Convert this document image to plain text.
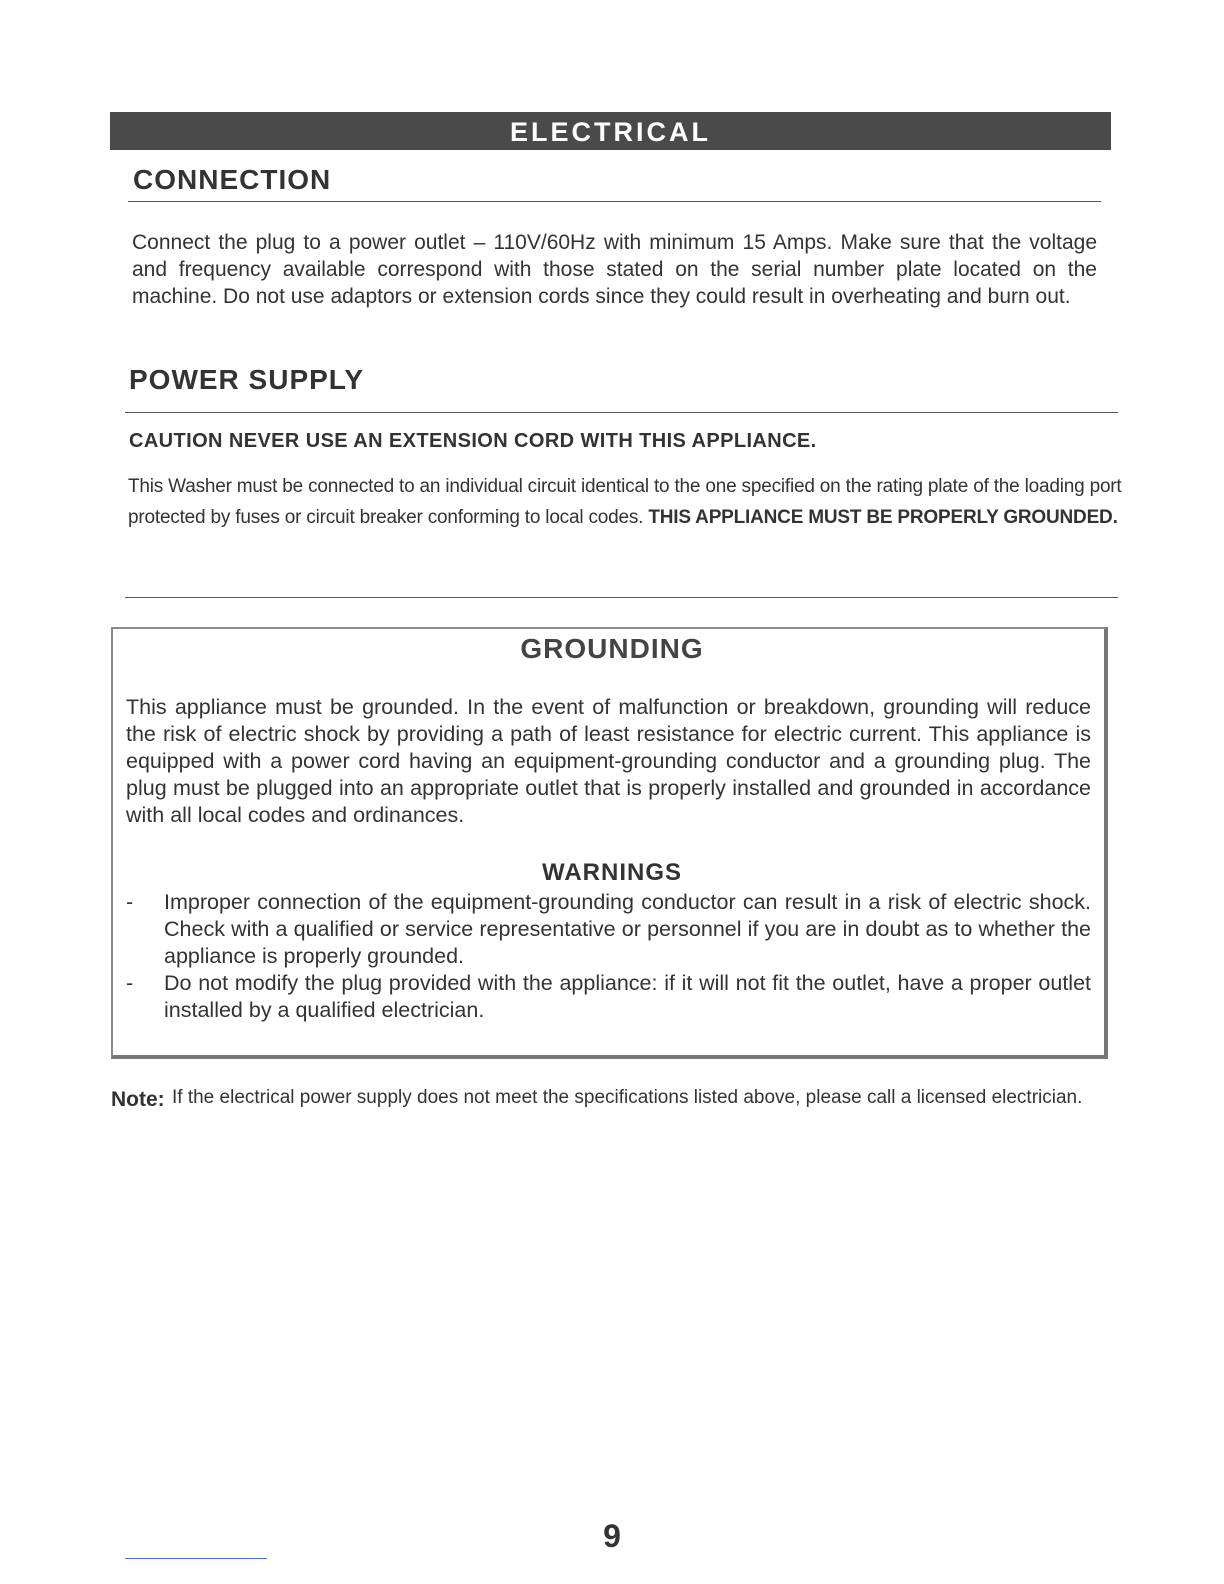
ELECTRICAL
CONNECTION
Connect the plug to a power outlet – 110V/60Hz with minimum 15 Amps. Make sure that the voltage and frequency available correspond with those stated on the serial number plate located on the machine. Do not use adaptors or extension cords since they could result in overheating and burn out.
POWER SUPPLY
CAUTION NEVER USE AN EXTENSION CORD WITH THIS APPLIANCE.
This Washer must be connected to an individual circuit identical to the one specified on the rating plate of the loading port protected by fuses or circuit breaker conforming to local codes. THIS APPLIANCE MUST BE PROPERLY GROUNDED.
GROUNDING
This appliance must be grounded. In the event of malfunction or breakdown, grounding will reduce the risk of electric shock by providing a path of least resistance for electric current. This appliance is equipped with a power cord having an equipment-grounding conductor and a grounding plug. The plug must be plugged into an appropriate outlet that is properly installed and grounded in accordance with all local codes and ordinances.
WARNINGS
-	Improper connection of the equipment-grounding conductor can result in a risk of electric shock. Check with a qualified or service representative or personnel if you are in doubt as to whether the appliance is properly grounded.
-	Do not modify the plug provided with the appliance: if it will not fit the outlet, have a proper outlet installed by a qualified electrician.
Note: If the electrical power supply does not meet the specifications listed above, please call a licensed electrician.
9
